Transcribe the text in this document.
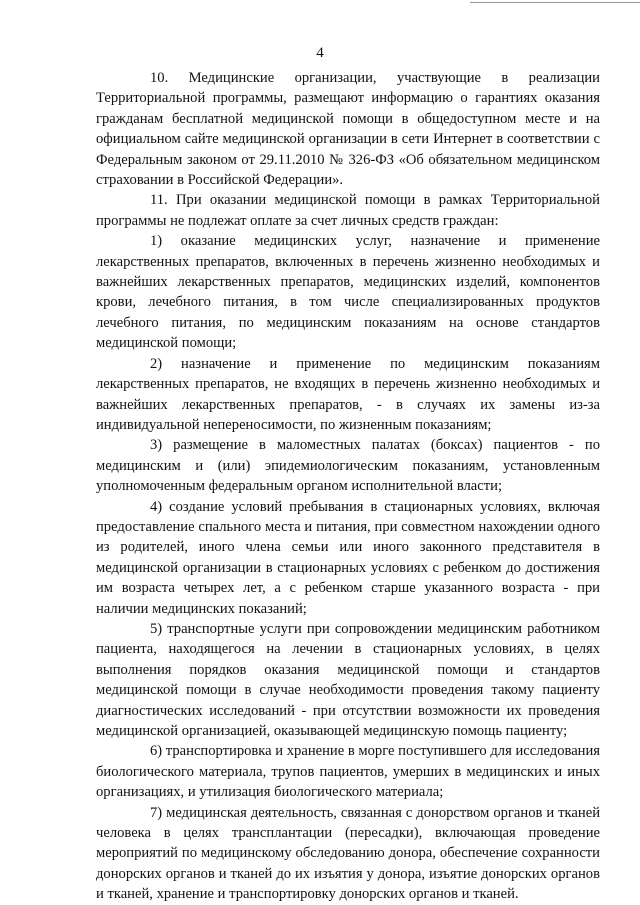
4

10. Медицинские организации, участвующие в реализации Территориальной программы, размещают информацию о гарантиях оказания гражданам бесплатной медицинской помощи в общедоступном месте и на официальном сайте медицинской организации в сети Интернет в соответствии с Федеральным законом от 29.11.2010 № 326-ФЗ «Об обязательном медицинском страховании в Российской Федерации».

11. При оказании медицинской помощи в рамках Территориальной программы не подлежат оплате за счет личных средств граждан:

1) оказание медицинских услуг, назначение и применение лекарственных препаратов, включенных в перечень жизненно необходимых и важнейших лекарственных препаратов, медицинских изделий, компонентов крови, лечебного питания, в том числе специализированных продуктов лечебного питания, по медицинским показаниям на основе стандартов медицинской помощи;

2) назначение и применение по медицинским показаниям лекарственных препаратов, не входящих в перечень жизненно необходимых и важнейших лекарственных препаратов, - в случаях их замены из-за индивидуальной непереносимости, по жизненным показаниям;

3) размещение в маломестных палатах (боксах) пациентов - по медицинским и (или) эпидемиологическим показаниям, установленным уполномоченным федеральным органом исполнительной власти;

4) создание условий пребывания в стационарных условиях, включая предоставление спального места и питания, при совместном нахождении одного из родителей, иного члена семьи или иного законного представителя в медицинской организации в стационарных условиях с ребенком до достижения им возраста четырех лет, а с ребенком старше указанного возраста - при наличии медицинских показаний;

5) транспортные услуги при сопровождении медицинским работником пациента, находящегося на лечении в стационарных условиях, в целях выполнения порядков оказания медицинской помощи и стандартов медицинской помощи в случае необходимости проведения такому пациенту диагностических исследований - при отсутствии возможности их проведения медицинской организацией, оказывающей медицинскую помощь пациенту;

6) транспортировка и хранение в морге поступившего для исследования биологического материала, трупов пациентов, умерших в медицинских и иных организациях, и утилизация биологического материала;

7) медицинская деятельность, связанная с донорством органов и тканей человека в целях трансплантации (пересадки), включающая проведение мероприятий по медицинскому обследованию донора, обеспечение сохранности донорских органов и тканей до их изъятия у донора, изъятие донорских органов и тканей, хранение и транспортировку донорских органов и тканей.
